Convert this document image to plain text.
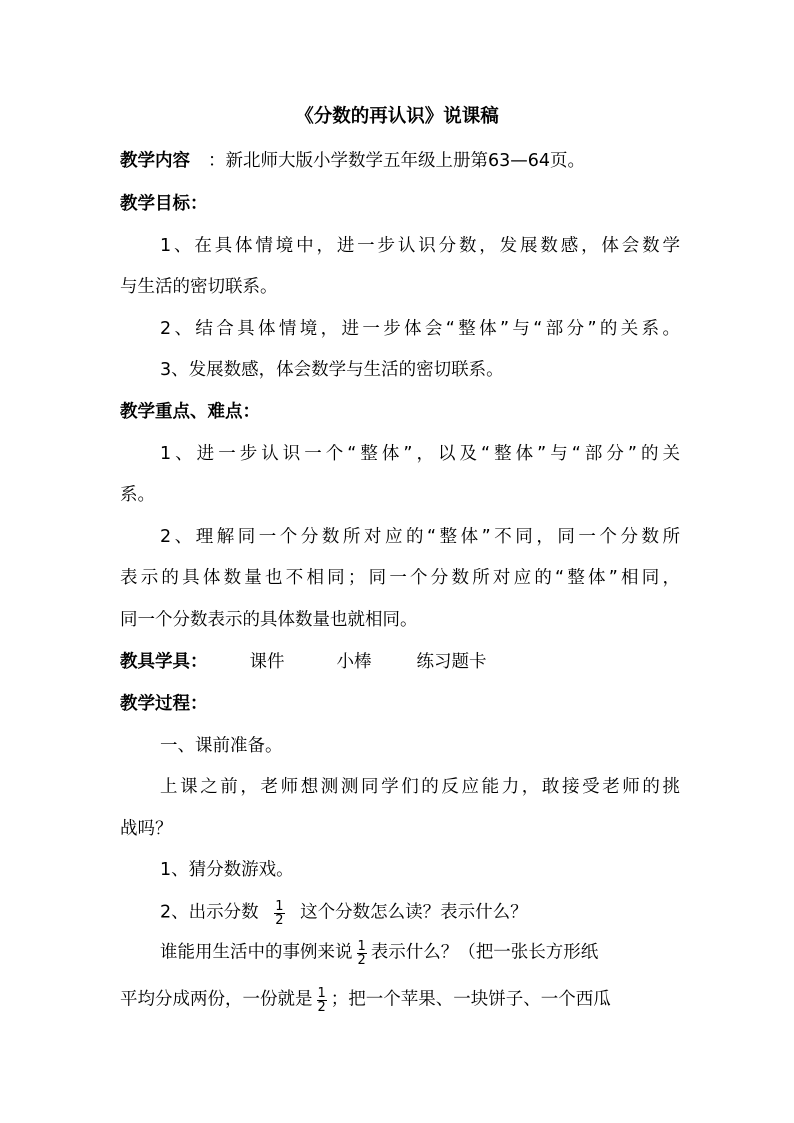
《分数的再认识》说课稿
教学内容 ：新北师大版小学数学五年级上册第63—64页。
教学目标：
1、在具体情境中，进一步认识分数，发展数感，体会数学
与生活的密切联系。
2、结合具体情境，进一步体会“整体”与“部分”的关系。
3、发展数感，体会数学与生活的密切联系。
教学重点、难点：
1、进一步认识一个“整体”，以及“整体”与“部分”的关
系。
2、理解同一个分数所对应的“整体”不同，同一个分数所
表示的具体数量也不相同；同一个分数所对应的“整体”相同，
同一个分数表示的具体数量也就相同。
教具学具： 课件	小棒	练习题卡
教学过程：
一、课前准备。
上课之前，老师想测测同学们的反应能力，敢接受老师的挑
战吗？
1、猜分数游戏。
2、出示分数 $\frac{1}{2}$ 这个分数怎么读？表示什么？
谁能用生活中的事例来说 $\frac{1}{2}$ 表示什么？（把一张长方形纸
平均分成两份，一份就是 $\frac{1}{2}$ ；把一个苹果、一块饼子、一个西瓜
